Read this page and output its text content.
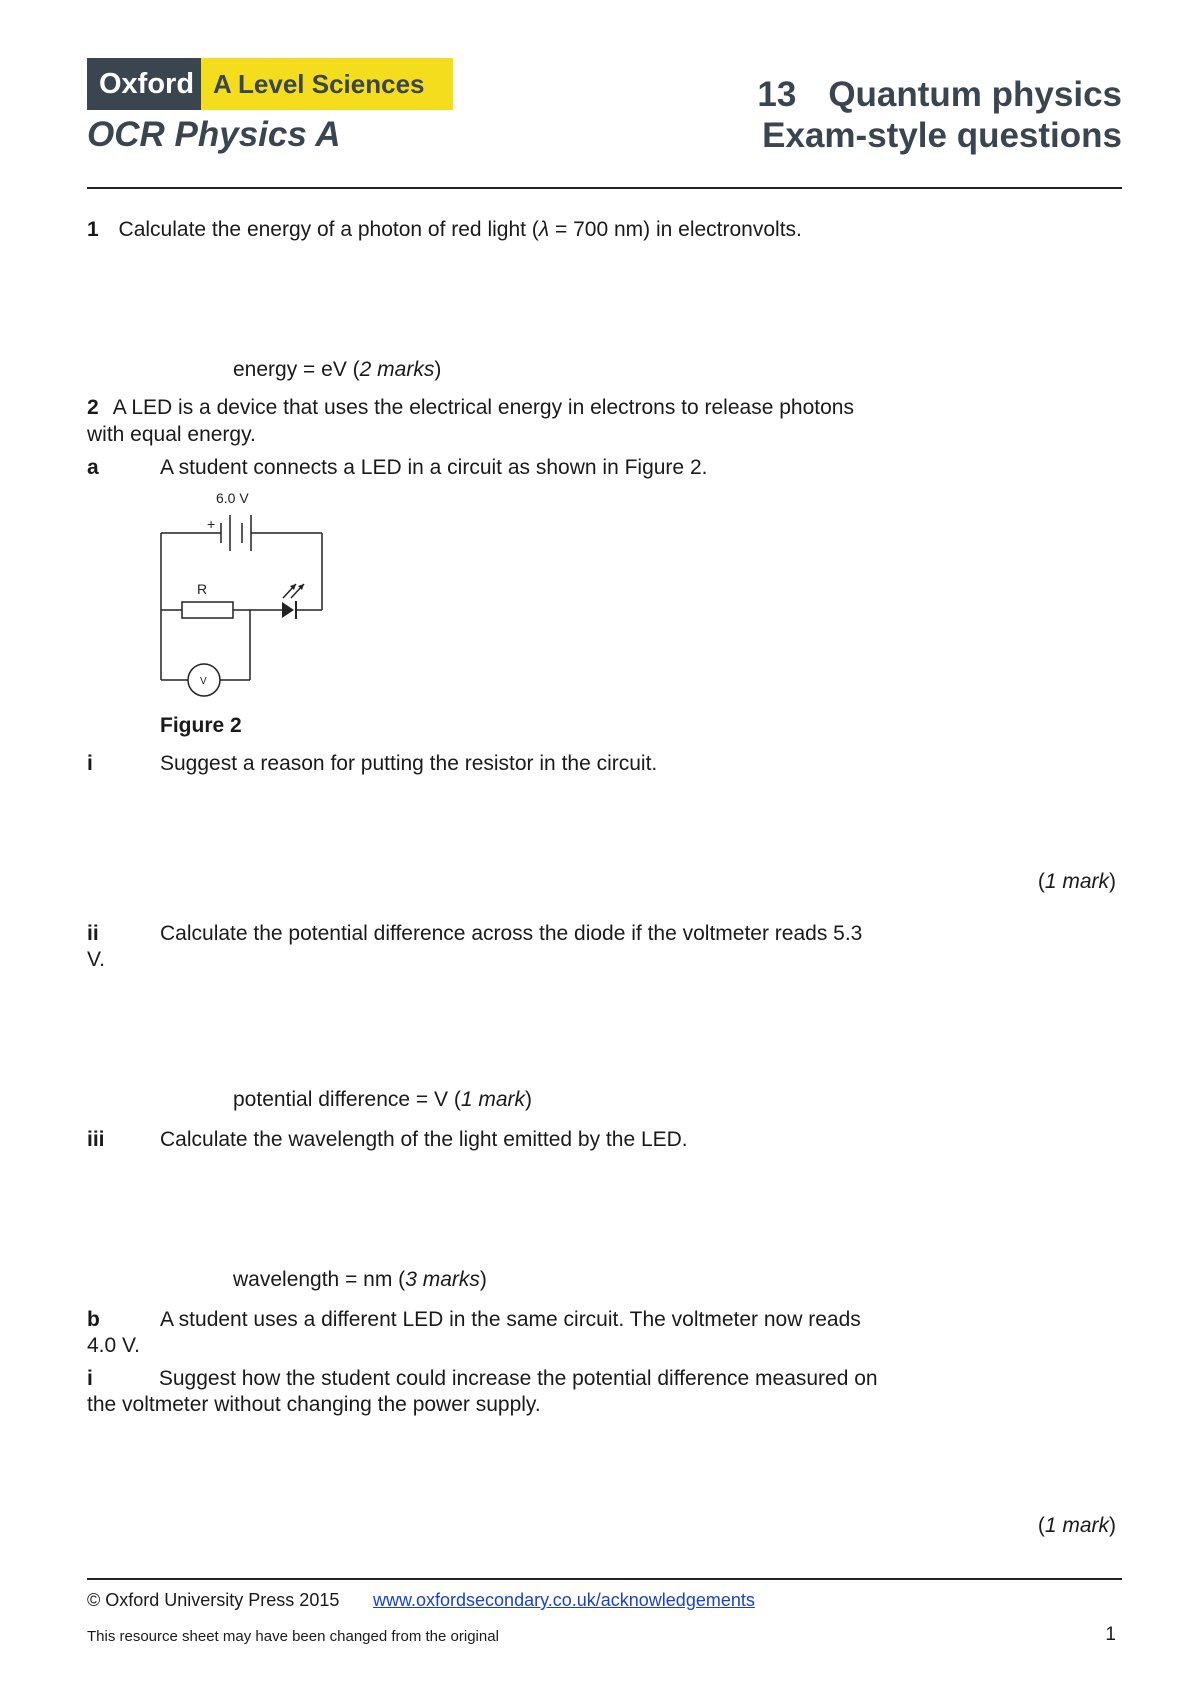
Oxford A Level Sciences
OCR Physics A
13 Quantum physics
Exam-style questions
1 Calculate the energy of a photon of red light (λ = 700 nm) in electronvolts.
energy = eV (2 marks)
2 A LED is a device that uses the electrical energy in electrons to release photons
with equal energy.
a	A student connects a LED in a circuit as shown in Figure 2.
6.0 V
+
R
V
Figure 2
i	Suggest a reason for putting the resistor in the circuit.
(1 mark)
ii	Calculate the potential difference across the diode if the voltmeter reads 5.3
V.
potential difference = V (1 mark)
iii	Calculate the wavelength of the light emitted by the LED.
wavelength = nm (3 marks)
b	A student uses a different LED in the same circuit. The voltmeter now reads
4.0 V.
i	Suggest how the student could increase the potential difference measured on
the voltmeter without changing the power supply.
(1 mark)
© Oxford University Press 2015 www.oxfordsecondary.co.uk/acknowledgements
This resource sheet may have been changed from the original	1
